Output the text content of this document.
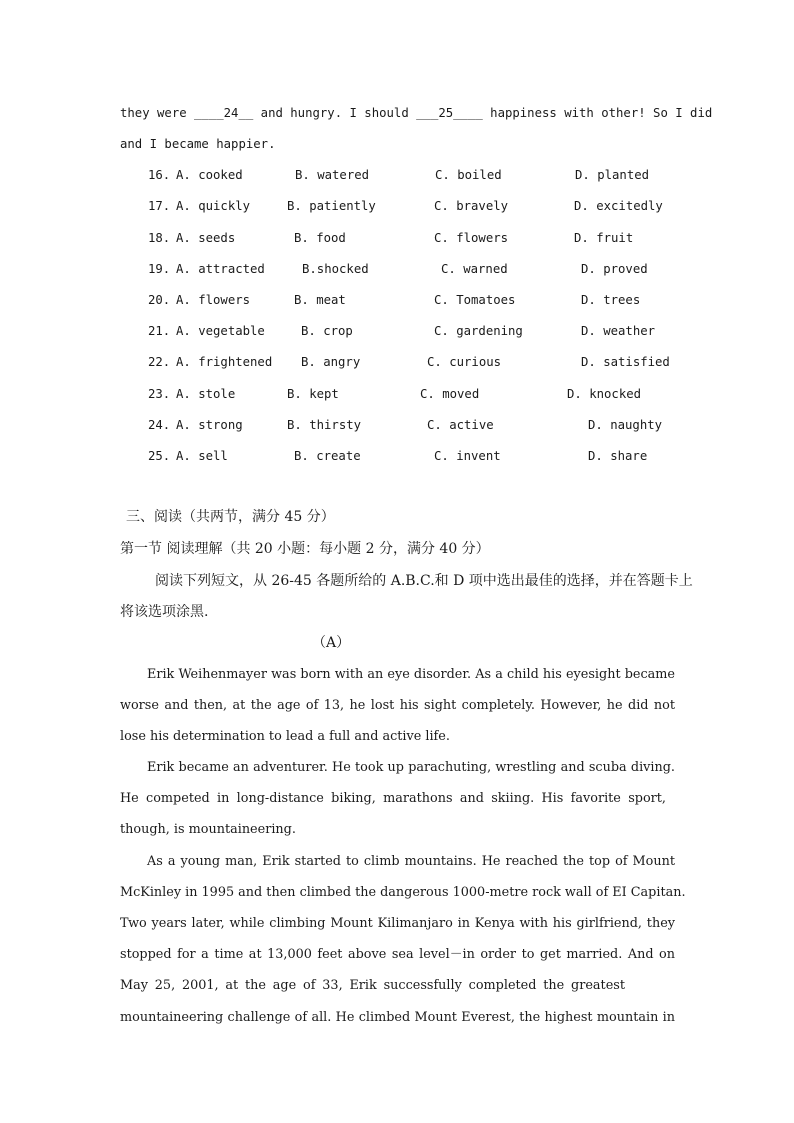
they were ____24__ and hungry. I should ___25____ happiness with other! So I did
and I became happier.
16. A. cooked	B. watered	C. boiled	D. planted
17. A. quickly	B. patiently	C. bravely	D. excitedly
18. A. seeds	B. food	C. flowers	D. fruit
19. A. attracted	B.shocked	C. warned	D. proved
20. A. flowers	B. meat	C. Tomatoes	D. trees
21. A. vegetable	B. crop	C. gardening	D. weather
22. A. frightened B. angry	C. curious	D. satisfied
23. A. stole	B. kept	C. moved	D. knocked
24. A. strong	B. thirsty	C. active	D. naughty
25. A. sell	B. create	C. invent	D. share
三、阅读（共两节，满分 45 分）
第一节 阅读理解（共 20 小题：每小题 2 分，满分 40 分）
阅读下列短文，从 26-45 各题所给的 A.B.C.和 D 项中选出最佳的选择，并在答题卡上
将该选项涂黑.
（A）
Erik Weihenmayer was born with an eye disorder. As a child his eyesight became
worse and then, at the age of 13, he lost his sight completely. However, he did not
lose his determination to lead a full and active life.
Erik became an adventurer. He took up parachuting, wrestling and scuba diving.
He competed in long-distance biking, marathons and skiing. His favorite sport,
though, is mountaineering.
As a young man, Erik started to climb mountains. He reached the top of Mount
McKinley in 1995 and then climbed the dangerous 1000-metre rock wall of EI Capitan.
Two years later, while climbing Mount Kilimanjaro in Kenya with his girlfriend, they
stopped for a time at 13,000 feet above sea level－in order to get married. And on
May 25, 2001, at the age of 33, Erik successfully completed the greatest
mountaineering challenge of all. He climbed Mount Everest, the highest mountain in
